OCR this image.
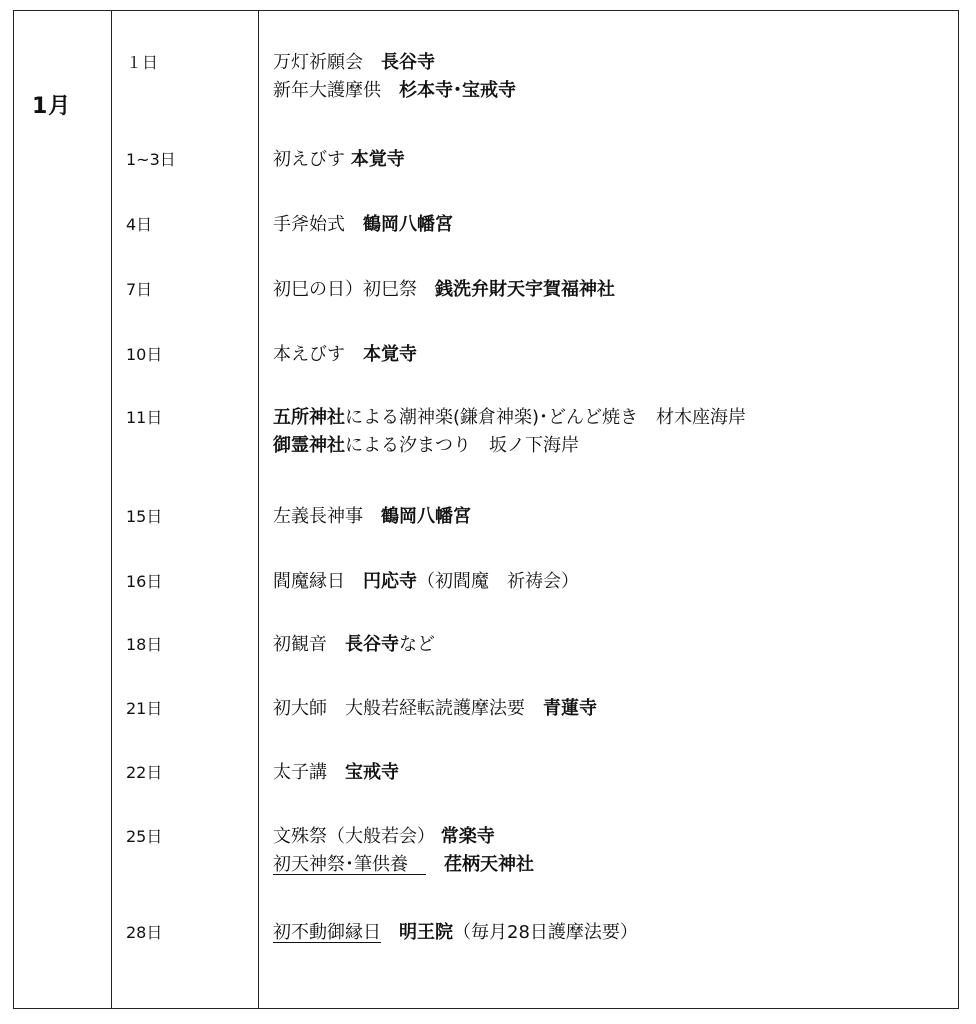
1月
１日	万灯祈願会　 長谷寺
新年大護摩供　 杉本寺･宝戒寺
1~3日	初えびす 本覚寺
4日	手斧始式　 鶴岡八幡宮
7日	初巳の日）初巳祭　 銭洗弁財天宇賀福神社
10日	本えびす　 本覚寺
11日	五所神社による潮神楽(鎌倉神楽)･どんど焼き　材木座海岸
御霊神社による汐まつり　坂ノ下海岸
15日	左義長神事　 鶴岡八幡宮
16日	閻魔縁日　 円応寺（初閻魔　祈祷会）
18日	初観音　 長谷寺など
21日	初大師　大般若経転読護摩法要　 青蓮寺
22日	太子講　 宝戒寺
25日	文殊祭（大般若会） 常楽寺
初天神祭･筆供養　　荏柄天神社
28日	初不動御縁日　 明王院（毎月28日護摩法要）
